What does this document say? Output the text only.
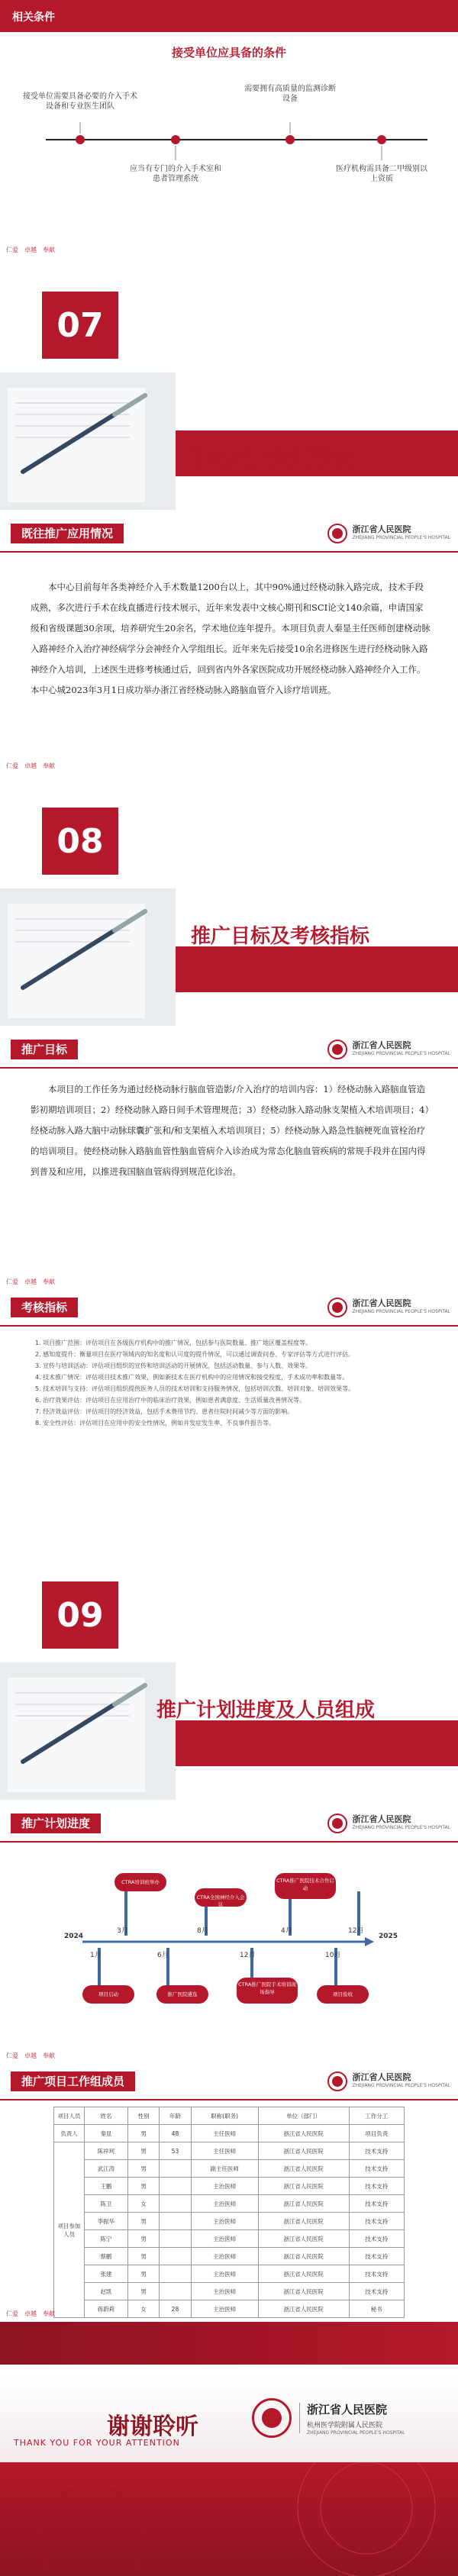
相关条件
接受单位应具备的条件
接受单位需要具备必要的介入手术设备和专业医生团队
应当有专门的介入手术室和患者管理系统
需要拥有高质量的监测诊断设备
医疗机构需具备二甲级别以上资质
仁爱 卓越 奉献
07
既往推广应用情况
既往推广应用情况	浙江省人民医院
ZHEJIANG PROVINCIAL PEOPLE'S HOSPITAL
本中心目前每年各类神经介入手术数量1200台以上，其中90%通过经桡动脉入路完成，技术手段成熟，多次进行手术在线直播进行技术展示，近年来发表中文核心期刊和SCI论文140余篇，申请国家级和省级课题30余项，培养研究生20余名，学术地位连年提升。本项目负责人秦显主任医师创建桡动脉入路神经介入治疗神经病学分会神经介入学组组长。近年来先后接受10余名进修医生进行经桡动脉入路神经介入培训，上述医生进修考核通过后，回到省内外各家医院成功开展经桡动脉入路神经介入工作。本中心城2023年3月1日成功举办浙江省经桡动脉入路脑血管介入诊疗培训班。
仁爱 卓越 奉献
08
推广目标及考核指标
推广目标	浙江省人民医院
ZHEJIANG PROVINCIAL PEOPLE'S HOSPITAL
本项目的工作任务为通过经桡动脉行脑血管造影/介入治疗的培训内容：1）经桡动脉入路脑血管造影初期培训项目；2）经桡动脉入路日间手术管理规范；3）经桡动脉入路动脉支架植入术培训项目；4）经桡动脉入路大脑中动脉球囊扩张和/和支架植入术培训项目；5）经桡动脉入路急性脑梗死血管栓治疗的培训项目。使经桡动脉入路脑血管性脑血管病介入诊治成为常态化脑血管疾病的常规手段并在国内得到普及和应用，以推进我国脑血管病得到规范化诊治。
仁爱 卓越 奉献
考核指标	浙江省人民医院
ZHEJIANG PROVINCIAL PEOPLE'S HOSPITAL
1. 项目推广范围：评估项目在各级医疗机构中的推广情况，包括参与医院数量、推广地区覆盖程度等。
2. 感知度提升：衡量项目在医疗领域内的知名度和认可度的提升情况，可以通过调查问卷、专家评估等方式进行评估。
3. 宣传与培训活动：评估项目组织的宣传和培训活动的开展情况，包括活动数量、参与人数、效果等。
4. 技术推广情况：评估项目技术推广效果，例如新技术在医疗机构中的应用情况和接受程度，手术成功率和数量等。
5. 技术培训与支持：评估项目组织提供医务人员的技术培训和支持服务情况，包括培训次数、培训对象、培训效果等。
6. 治疗效果评估：评估项目在应用治疗中的临床治疗效果，例如患者满意度、生活质量改善情况等。
7. 经济效益评估：评估项目的经济效益，包括手术费用节约、患者住院时间减少等方面的影响。
8. 安全性评估：评估项目在应用中的安全性情况，例如并发症发生率、不良事件报告等。
09
推广计划进度及人员组成
推广计划进度	浙江省人民医院
ZHEJIANG PROVINCIAL PEOPLE'S HOSPITAL
2024	2025
3月	8月	4月	12月
1月	6月	12月	10月
CTRA培训班举办
CTRA全国神经介入会议
CTRA推广医院技术合作启动
项目启动	推广医院遴选
CTRA推广医院手术培训现场指导	项目验收
仁爱 卓越 奉献
推广项目工作组成员	浙江省人民医院
ZHEJIANG PROVINCIAL PEOPLE'S HOSPITAL
项目人员	姓名	性别	年龄	职称(职务)	单位（部门）	工作分工
负责人	秦显	男	48	主任医师	浙江省人民医院	项目负责
项目参加人员	陈祥珂	男	53	主任医师	浙江省人民医院	技术支持
	武江涛	男		副主任医师	浙江省人民医院	技术支持
	王鹏	男		主治医师	浙江省人民医院	技术支持
	陈卫	女		主治医师	浙江省人民医院	技术支持
	李振华	男		主治医师	浙江省人民医院	技术支持
	陈宁	男		主治医师	浙江省人民医院	技术支持
	蔡鹏	男		主治医师	浙江省人民医院	技术支持
	张建	男		主治医师	浙江省人民医院	技术支持
	赵凯	男		主治医师	浙江省人民医院	技术支持
	蒋蔚莉	女	28	主治医师	浙江省人民医院	秘书
仁爱 卓越 奉献
谢谢聆听
THANK YOU FOR YOUR ATTENTION
浙江省人民医院
杭州医学院附属人民医院
ZHEJIANG PROVINCIAL PEOPLE'S HOSPITAL
